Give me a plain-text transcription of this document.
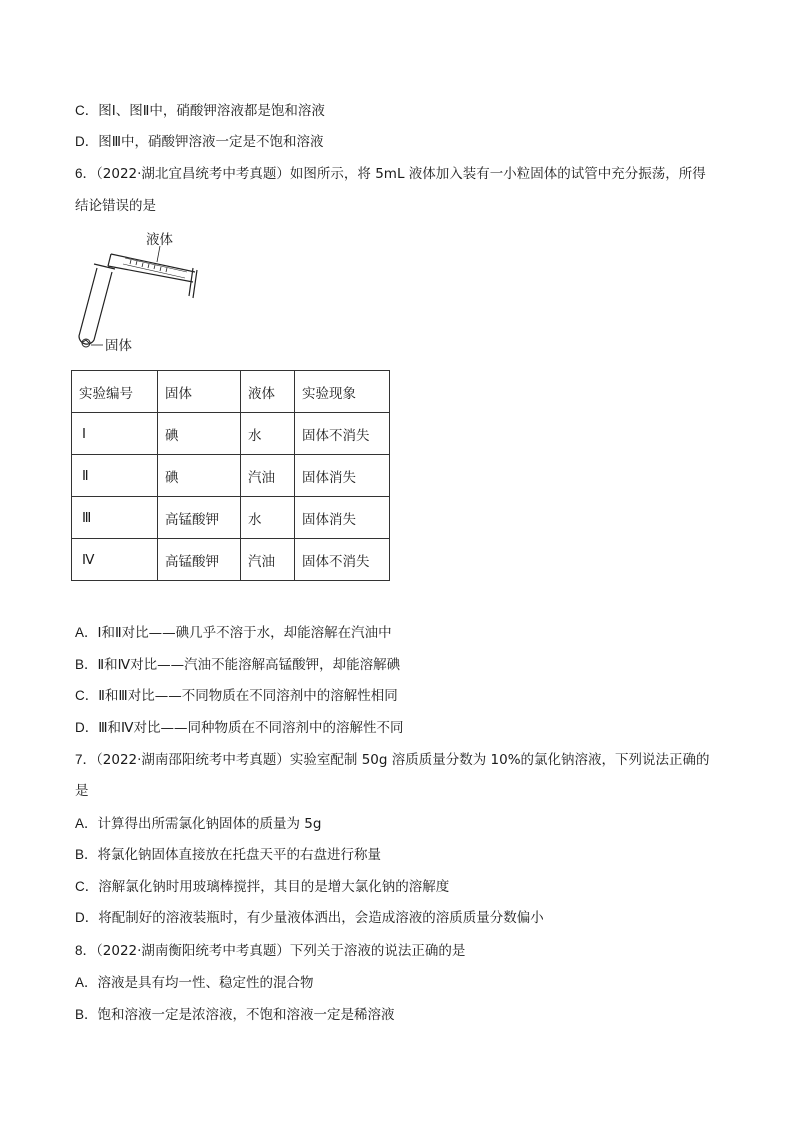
C．图Ⅰ、图Ⅱ中，硝酸钾溶液都是饱和溶液
D．图Ⅲ中，硝酸钾溶液一定是不饱和溶液
6．（2022·湖北宜昌统考中考真题）如图所示，将 5mL 液体加入装有一小粒固体的试管中充分振荡，所得
结论错误的是
液体
固体
实验编号	固体	液体	实验现象
Ⅰ	碘	水	固体不消失
Ⅱ	碘	汽油	固体消失
Ⅲ	高锰酸钾	水	固体消失
Ⅳ	高锰酸钾	汽油	固体不消失
A．Ⅰ和Ⅱ对比——碘几乎不溶于水，却能溶解在汽油中
B．Ⅱ和Ⅳ对比——汽油不能溶解高锰酸钾，却能溶解碘
C．Ⅱ和Ⅲ对比——不同物质在不同溶剂中的溶解性相同
D．Ⅲ和Ⅳ对比——同种物质在不同溶剂中的溶解性不同
7．（2022·湖南邵阳统考中考真题）实验室配制 50g 溶质质量分数为 10%的氯化钠溶液，下列说法正确的
是
A．计算得出所需氯化钠固体的质量为 5g
B．将氯化钠固体直接放在托盘天平的右盘进行称量
C．溶解氯化钠时用玻璃棒搅拌，其目的是增大氯化钠的溶解度
D．将配制好的溶液装瓶时，有少量液体洒出，会造成溶液的溶质质量分数偏小
8．（2022·湖南衡阳统考中考真题）下列关于溶液的说法正确的是
A．溶液是具有均一性、稳定性的混合物
B．饱和溶液一定是浓溶液，不饱和溶液一定是稀溶液
